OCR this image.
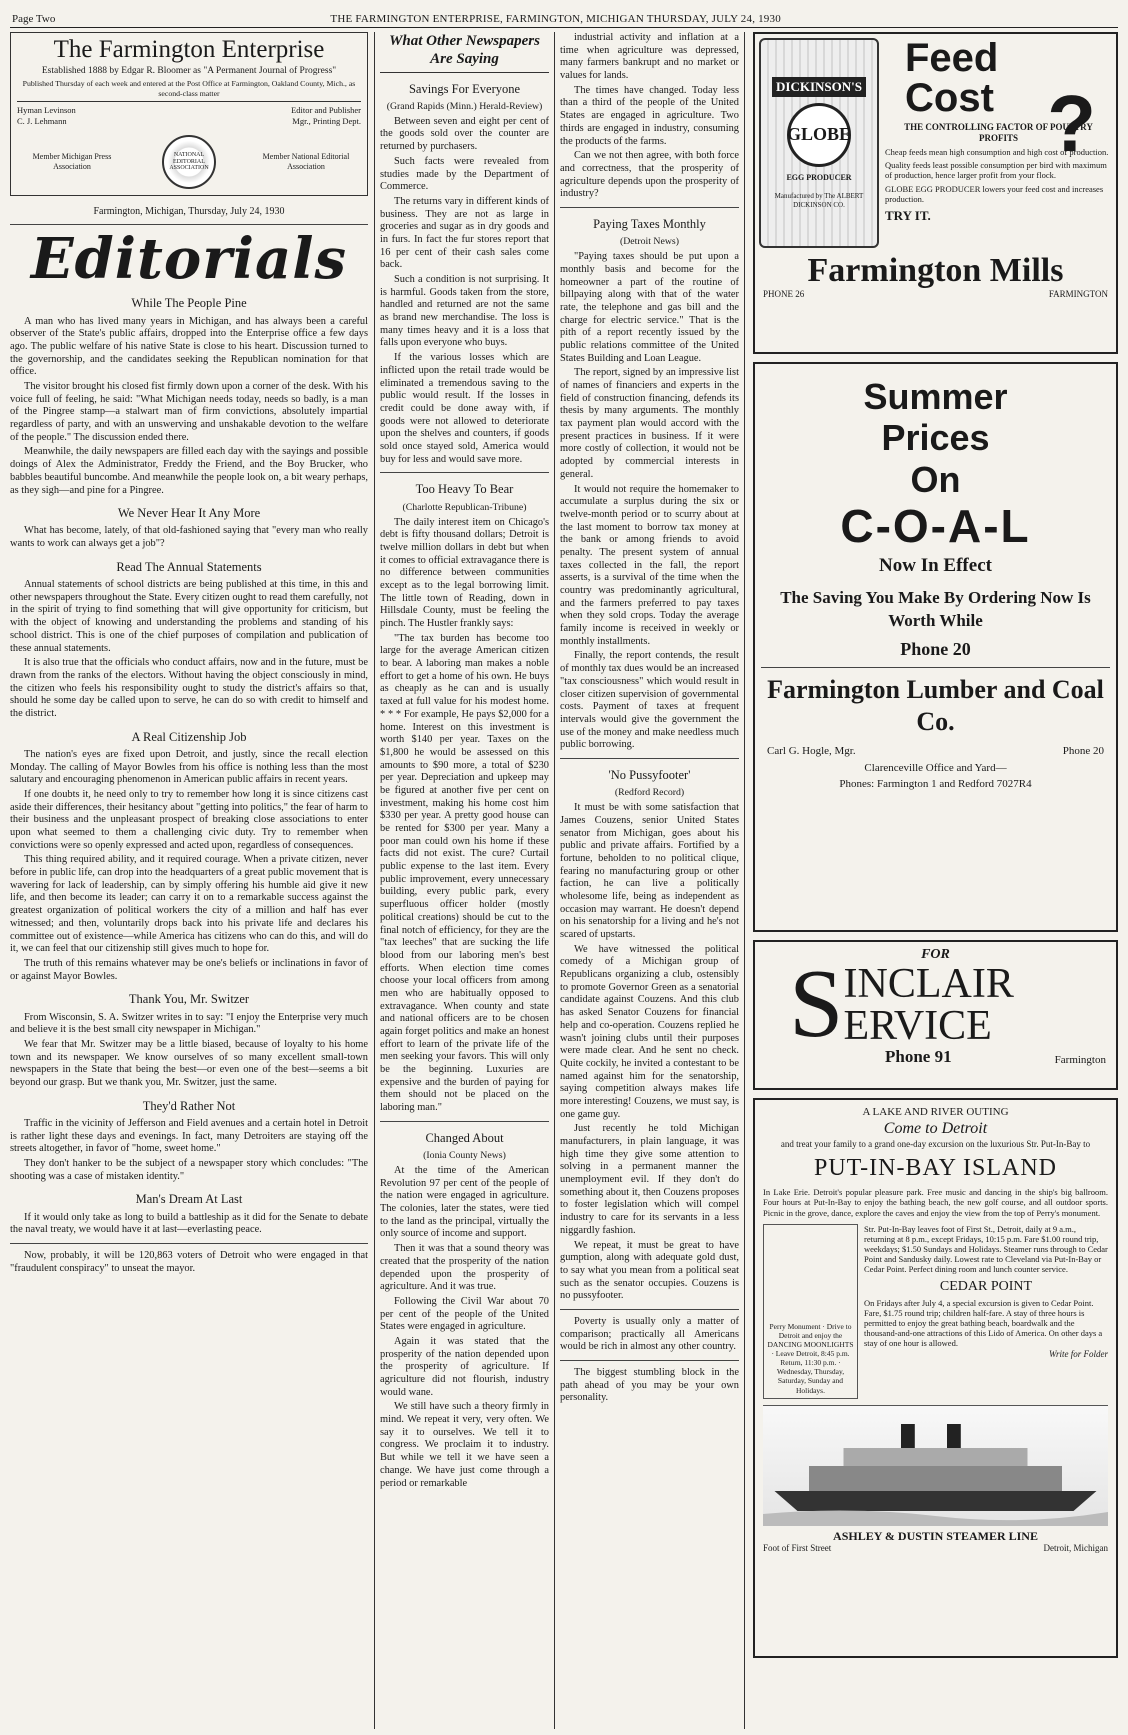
Page Two	THE FARMINGTON ENTERPRISE, FARMINGTON, MICHIGAN THURSDAY, JULY 24, 1930
The Farmington Enterprise
Established 1888 by Edgar R. Bloomer as "A Permanent Journal of Progress"
Published Thursday of each week and entered at the Post Office at Farmington, Oakland County, Mich., as second-class matter
Hyman Levinson	Editor and Publisher
C. J. Lehmann	Mgr., Printing Dept.
Member Michigan Press Association
NATIONAL EDITORIAL ASSOCIATION
Member National Editorial Association
Farmington, Michigan, Thursday, July 24, 1930
Editorials
While The People Pine

A man who has lived many years in Michigan, and has always been a careful observer of the State's public affairs, dropped into the Enterprise office a few days ago. The public welfare of his native State is close to his heart. Discussion turned to the governorship, and the candidates seeking the Republican nomination for that office.

The visitor brought his closed fist firmly down upon a corner of the desk. With his voice full of feeling, he said: "What Michigan needs today, needs so badly, is a man of the Pingree stamp—a stalwart man of firm convictions, absolutely impartial regardless of party, and with an unswerving and unshakable devotion to the welfare of the people." The discussion ended there.

Meanwhile, the daily newspapers are filled each day with the sayings and possible doings of Alex the Administrator, Freddy the Friend, and the Boy Brucker, who babbles beautiful buncombe. And meanwhile the people look on, a bit weary perhaps, as they sigh—and pine for a Pingree.

We Never Hear It Any More

What has become, lately, of that old-fashioned saying that "every man who really wants to work can always get a job"?

Read The Annual Statements

Annual statements of school districts are being published at this time, in this and other newspapers throughout the State. Every citizen ought to read them carefully, not in the spirit of trying to find something that will give opportunity for criticism, but with the object of knowing and understanding the problems and standing of his school district. This is one of the chief purposes of compilation and publication of these annual statements.

It is also true that the officials who conduct affairs, now and in the future, must be drawn from the ranks of the electors. Without having the object consciously in mind, the citizen who feels his responsibility ought to study the district's affairs so that, should he some day be called upon to serve, he can do so with credit to himself and the district.

A Real Citizenship Job

The nation's eyes are fixed upon Detroit, and justly, since the recall election Monday. The calling of Mayor Bowles from his office is nothing less than the most salutary and encouraging phenomenon in American public affairs in recent years.

If one doubts it, he need only to try to remember how long it is since citizens cast aside their differences, their hesitancy about "getting into politics," the fear of harm to their business and the unpleasant prospect of breaking close associations to enter upon what seemed to them a challenging civic duty. Try to remember when convictions were so openly expressed and acted upon, regardless of consequences.

This thing required ability, and it required courage. When a private citizen, never before in public life, can drop into the headquarters of a great public movement that is wavering for lack of leadership, can by simply offering his humble aid give it new life, and then become its leader; can carry it on to a remarkable success against the greatest organization of political workers the city of a million and half has ever witnessed; and then, voluntarily drops back into his private life and declares his committee out of existence—while America has citizens who can do this, and will do it, we can feel that our citizenship still gives much to hope for.

The truth of this remains whatever may be one's beliefs or inclinations in favor of or against Mayor Bowles.

Thank You, Mr. Switzer

From Wisconsin, S. A. Switzer writes in to say: "I enjoy the Enterprise very much and believe it is the best small city newspaper in Michigan."

We fear that Mr. Switzer may be a little biased, because of loyalty to his home town and its newspaper. We know ourselves of so many excellent small-town newspapers in the State that being the best—or even one of the best—seems a bit beyond our grasp. But we thank you, Mr. Switzer, just the same.

They'd Rather Not

Traffic in the vicinity of Jefferson and Field avenues and a certain hotel in Detroit is rather light these days and evenings. In fact, many Detroiters are staying off the streets altogether, in favor of "home, sweet home."

They don't hanker to be the subject of a newspaper story which concludes: "The shooting was a case of mistaken identity."

Man's Dream At Last

If it would only take as long to build a battleship as it did for the Senate to debate the naval treaty, we would have it at last—everlasting peace.

Now, probably, it will be 120,863 voters of Detroit who were engaged in that "fraudulent conspiracy" to unseat the mayor.

What Other Newspapers Are Saying
Savings For Everyone
(Grand Rapids (Minn.) Herald-Review)

Between seven and eight per cent of the goods sold over the counter are returned by purchasers.

Such facts were revealed from studies made by the Department of Commerce.

The returns vary in different kinds of business. They are not as large in groceries and sugar as in dry goods and in furs. In fact the fur stores report that 16 per cent of their cash sales come back.

Such a condition is not surprising. It is harmful. Goods taken from the store, handled and returned are not the same as brand new merchandise. The loss is many times heavy and it is a loss that falls upon everyone who buys.

If the various losses which are inflicted upon the retail trade would be eliminated a tremendous saving to the public would result. If the losses in credit could be done away with, if goods were not allowed to deteriorate upon the shelves and counters, if goods sold once stayed sold, America would buy for less and would save more.

Too Heavy To Bear
(Charlotte Republican-Tribune)

The daily interest item on Chicago's debt is fifty thousand dollars; Detroit is twelve million dollars in debt but when it comes to official extravagance there is no difference between communities except as to the legal borrowing limit. The little town of Reading, down in Hillsdale County, must be feeling the pinch. The Hustler frankly says:

"The tax burden has become too large for the average American citizen to bear. A laboring man makes a noble effort to get a home of his own. He buys as cheaply as he can and is usually taxed at full value for his modest home. * * * For example, He pays $2,000 for a home. Interest on this investment is worth $140 per year. Taxes on the $1,800 he would be assessed on this amounts to $90 more, a total of $230 per year. Depreciation and upkeep may be figured at another five per cent on investment, making his home cost him $330 per year. A pretty good house can be rented for $300 per year. Many a poor man could own his home if these facts did not exist. The cure? Curtail public expense to the last item. Every public improvement, every unnecessary building, every public park, every superfluous officer holder (mostly political creations) should be cut to the final notch of efficiency, for they are the "tax leeches" that are sucking the life blood from our laboring men's best efforts. When election time comes choose your local officers from among men who are habitually opposed to extravagance. When county and state and national officers are to be chosen again forget politics and make an honest effort to learn of the private life of the men seeking your favors. This will only be the beginning. Luxuries are expensive and the burden of paying for them should not be placed on the laboring man."

Changed About
(Ionia County News)

At the time of the American Revolution 97 per cent of the people of the nation were engaged in agriculture. The colonies, later the states, were tied to the land as the principal, virtually the only source of income and support.

Then it was that a sound theory was created that the prosperity of the nation depended upon the prosperity of agriculture. And it was true.

Following the Civil War about 70 per cent of the people of the United States were engaged in agriculture.

Again it was stated that the prosperity of the nation depended upon the prosperity of agriculture. If agriculture did not flourish, industry would wane.

We still have such a theory firmly in mind. We repeat it very, very often. We say it to ourselves. We tell it to congress. We proclaim it to industry. But while we tell it we have seen a change. We have just come through a period or remarkable

industrial activity and inflation at a time when agriculture was depressed, many farmers bankrupt and no market or values for lands.

The times have changed. Today less than a third of the people of the United States are engaged in agriculture. Two thirds are engaged in industry, consuming the products of the farms.

Can we not then agree, with both force and correctness, that the prosperity of agriculture depends upon the prosperity of industry?

Paying Taxes Monthly
(Detroit News)

"Paying taxes should be put upon a monthly basis and become for the homeowner a part of the routine of billpaying along with that of the water rate, the telephone and gas bill and the charge for electric service." That is the pith of a report recently issued by the public relations committee of the United States Building and Loan League.

The report, signed by an impressive list of names of financiers and experts in the field of construction financing, defends its thesis by many arguments. The monthly tax payment plan would accord with the present practices in business. If it were more costly of collection, it would not be adopted by commercial interests in general.

It would not require the homemaker to accumulate a surplus during the six or twelve-month period or to scurry about at the last moment to borrow tax money at the bank or among friends to avoid penalty. The present system of annual taxes collected in the fall, the report asserts, is a survival of the time when the country was predominantly agricultural, and the farmers preferred to pay taxes when they sold crops. Today the average family income is received in weekly or monthly installments.

Finally, the report contends, the result of monthly tax dues would be an increased "tax consciousness" which would result in closer citizen supervision of governmental costs. Payment of taxes at frequent intervals would give the government the use of the money and make needless much public borrowing.

'No Pussyfooter'
(Redford Record)

It must be with some satisfaction that James Couzens, senior United States senator from Michigan, goes about his public and private affairs. Fortified by a fortune, beholden to no political clique, fearing no manufacturing group or other faction, he can live a politically wholesome life, being as independent as occasion may warrant. He doesn't depend on his senatorship for a living and he's not scared of upstarts.

We have witnessed the political comedy of a Michigan group of Republicans organizing a club, ostensibly to promote Governor Green as a senatorial candidate against Couzens. And this club has asked Senator Couzens for financial help and co-operation. Couzens replied he wasn't joining clubs until their purposes were made clear. And he sent no check. Quite cockily, he invited a contestant to be named against him for the senatorship, saying competition always makes life more interesting! Couzens, we must say, is one game guy.

Just recently he told Michigan manufacturers, in plain language, it was high time they give some attention to solving in a permanent manner the unemployment evil. If they don't do something about it, then Couzens proposes to foster legislation which will compel industry to care for its servants in a less niggardly fashion.

We repeat, it must be great to have gumption, along with adequate gold dust, to say what you mean from a political seat such as the senator occupies. Couzens is no pussyfooter.

Poverty is usually only a matter of comparison; practically all Americans would be rich in almost any other country.

The biggest stumbling block in the path ahead of you may be your own personality.

DICKINSON'S
GLOBE
EGG PRODUCER
Manufactured by The ALBERT DICKINSON CO.
Feed
Cost ?
THE CONTROLLING FACTOR OF POULTRY PROFITS
Cheap feeds mean high consumption and high cost of production.
Quality feeds least possible consumption per bird with maximum of production, hence larger profit from your flock.
GLOBE EGG PRODUCER lowers your feed cost and increases production.
TRY IT.
Farmington Mills
PHONE 26	FARMINGTON
Summer
Prices
On
C-O-A-L
Now In Effect
The Saving You Make By Ordering Now Is Worth While
Phone 20
Farmington Lumber and Coal Co.
Carl G. Hogle, Mgr.	Phone 20
Clarenceville Office and Yard—
Phones: Farmington 1 and Redford 7027R4
FOR
S INCLAIR
ERVICE
Phone 91	Farmington
A LAKE AND RIVER OUTING
Come to Detroit
and treat your family to a grand one-day excursion on the luxurious Str. Put-In-Bay to
PUT-IN-BAY ISLAND
In Lake Erie. Detroit's popular pleasure park. Free music and dancing in the ship's big ballroom. Four hours at Put-In-Bay to enjoy the bathing beach, the new golf course, and all outdoor sports. Picnic in the grove, dance, explore the caves and enjoy the view from the top of Perry's monument.
Perry Monument · Drive to Detroit and enjoy the DANCING MOONLIGHTS · Leave Detroit, 8:45 p.m. Return, 11:30 p.m. · Wednesday, Thursday, Saturday, Sunday and Holidays.
Str. Put-In-Bay leaves foot of First St., Detroit, daily at 9 a.m., returning at 8 p.m., except Fridays, 10:15 p.m. Fare $1.00 round trip, weekdays; $1.50 Sundays and Holidays. Steamer runs through to Cedar Point and Sandusky daily. Lowest rate to Cleveland via Put-In-Bay or Cedar Point. Perfect dining room and lunch counter service.
CEDAR POINT
On Fridays after July 4, a special excursion is given to Cedar Point. Fare, $1.75 round trip; children half-fare. A stay of three hours is permitted to enjoy the great bathing beach, boardwalk and the thousand-and-one attractions of this Lido of America. On other days a stay of one hour is allowed.
Write for Folder
ASHLEY & DUSTIN STEAMER LINE
Foot of First Street	Detroit, Michigan
